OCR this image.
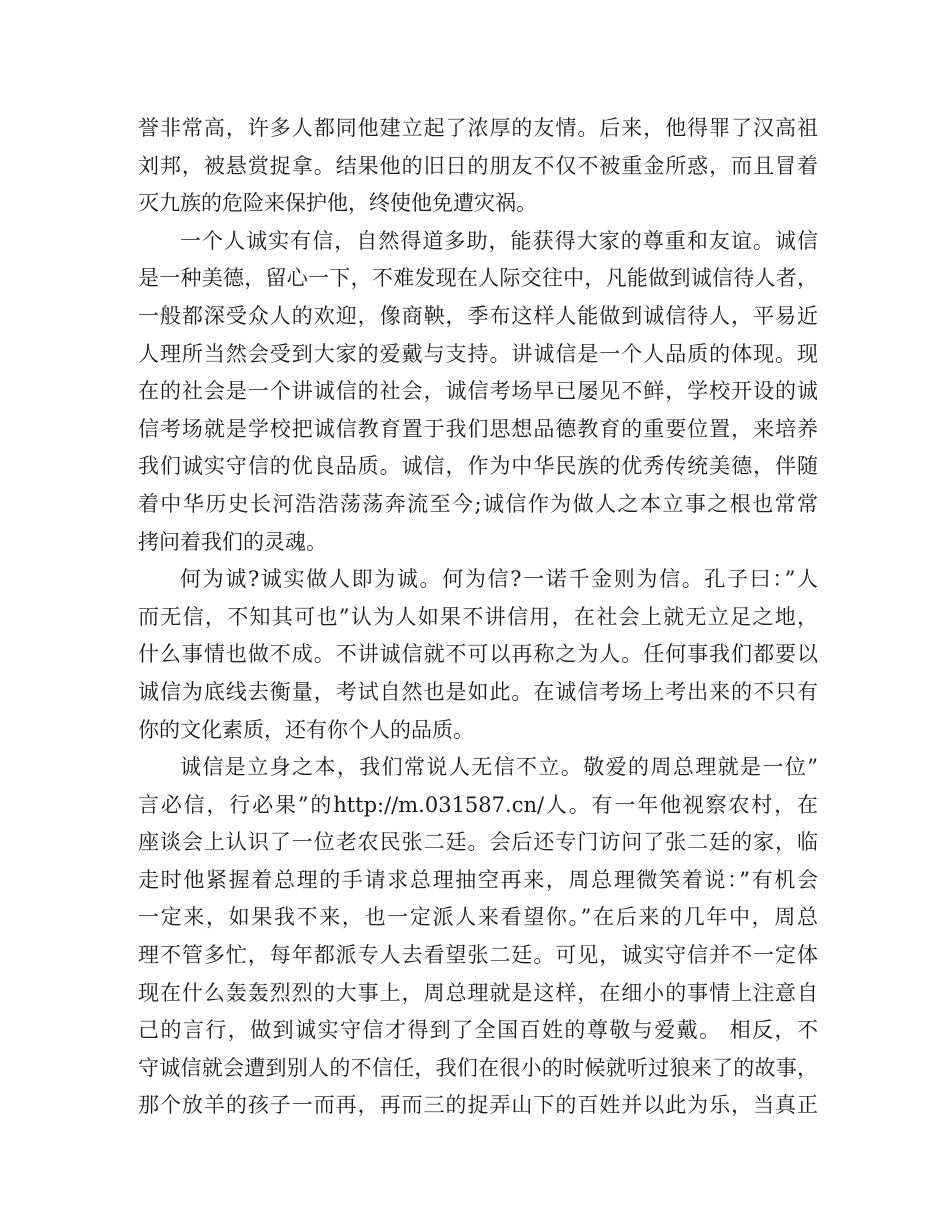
誉非常高，许多人都同他建立起了浓厚的友情。后来，他得罪了汉高祖
刘邦，被悬赏捉拿。结果他的旧日的朋友不仅不被重金所惑，而且冒着
灭九族的危险来保护他，终使他免遭灾祸。
一个人诚实有信，自然得道多助，能获得大家的尊重和友谊。诚信
是一种美德，留心一下，不难发现在人际交往中，凡能做到诚信待人者，
一般都深受众人的欢迎，像商鞅，季布这样人能做到诚信待人，平易近
人理所当然会受到大家的爱戴与支持。讲诚信是一个人品质的体现。现
在的社会是一个讲诚信的社会，诚信考场早已屡见不鲜，学校开设的诚
信考场就是学校把诚信教育置于我们思想品德教育的重要位置，来培养
我们诚实守信的优良品质。诚信，作为中华民族的优秀传统美德，伴随
着中华历史长河浩浩荡荡奔流至今;诚信作为做人之本立事之根也常常
拷问着我们的灵魂。
何为诚?诚实做人即为诚。何为信?一诺千金则为信。孔子曰：”人
而无信，不知其可也”认为人如果不讲信用，在社会上就无立足之地，
什么事情也做不成。不讲诚信就不可以再称之为人。任何事我们都要以
诚信为底线去衡量，考试自然也是如此。在诚信考场上考出来的不只有
你的文化素质，还有你个人的品质。
诚信是立身之本，我们常说人无信不立。敬爱的周总理就是一位”
言必信，行必果”的http://m.031587.cn/人。有一年他视察农村，在
座谈会上认识了一位老农民张二廷。会后还专门访问了张二廷的家，临
走时他紧握着总理的手请求总理抽空再来，周总理微笑着说：”有机会
一定来，如果我不来，也一定派人来看望你。”在后来的几年中，周总
理不管多忙，每年都派专人去看望张二廷。可见，诚实守信并不一定体
现在什么轰轰烈烈的大事上，周总理就是这样，在细小的事情上注意自
己的言行，做到诚实守信才得到了全国百姓的尊敬与爱戴。 相反，不
守诚信就会遭到别人的不信任，我们在很小的时候就听过狼来了的故事，
那个放羊的孩子一而再，再而三的捉弄山下的百姓并以此为乐，当真正
